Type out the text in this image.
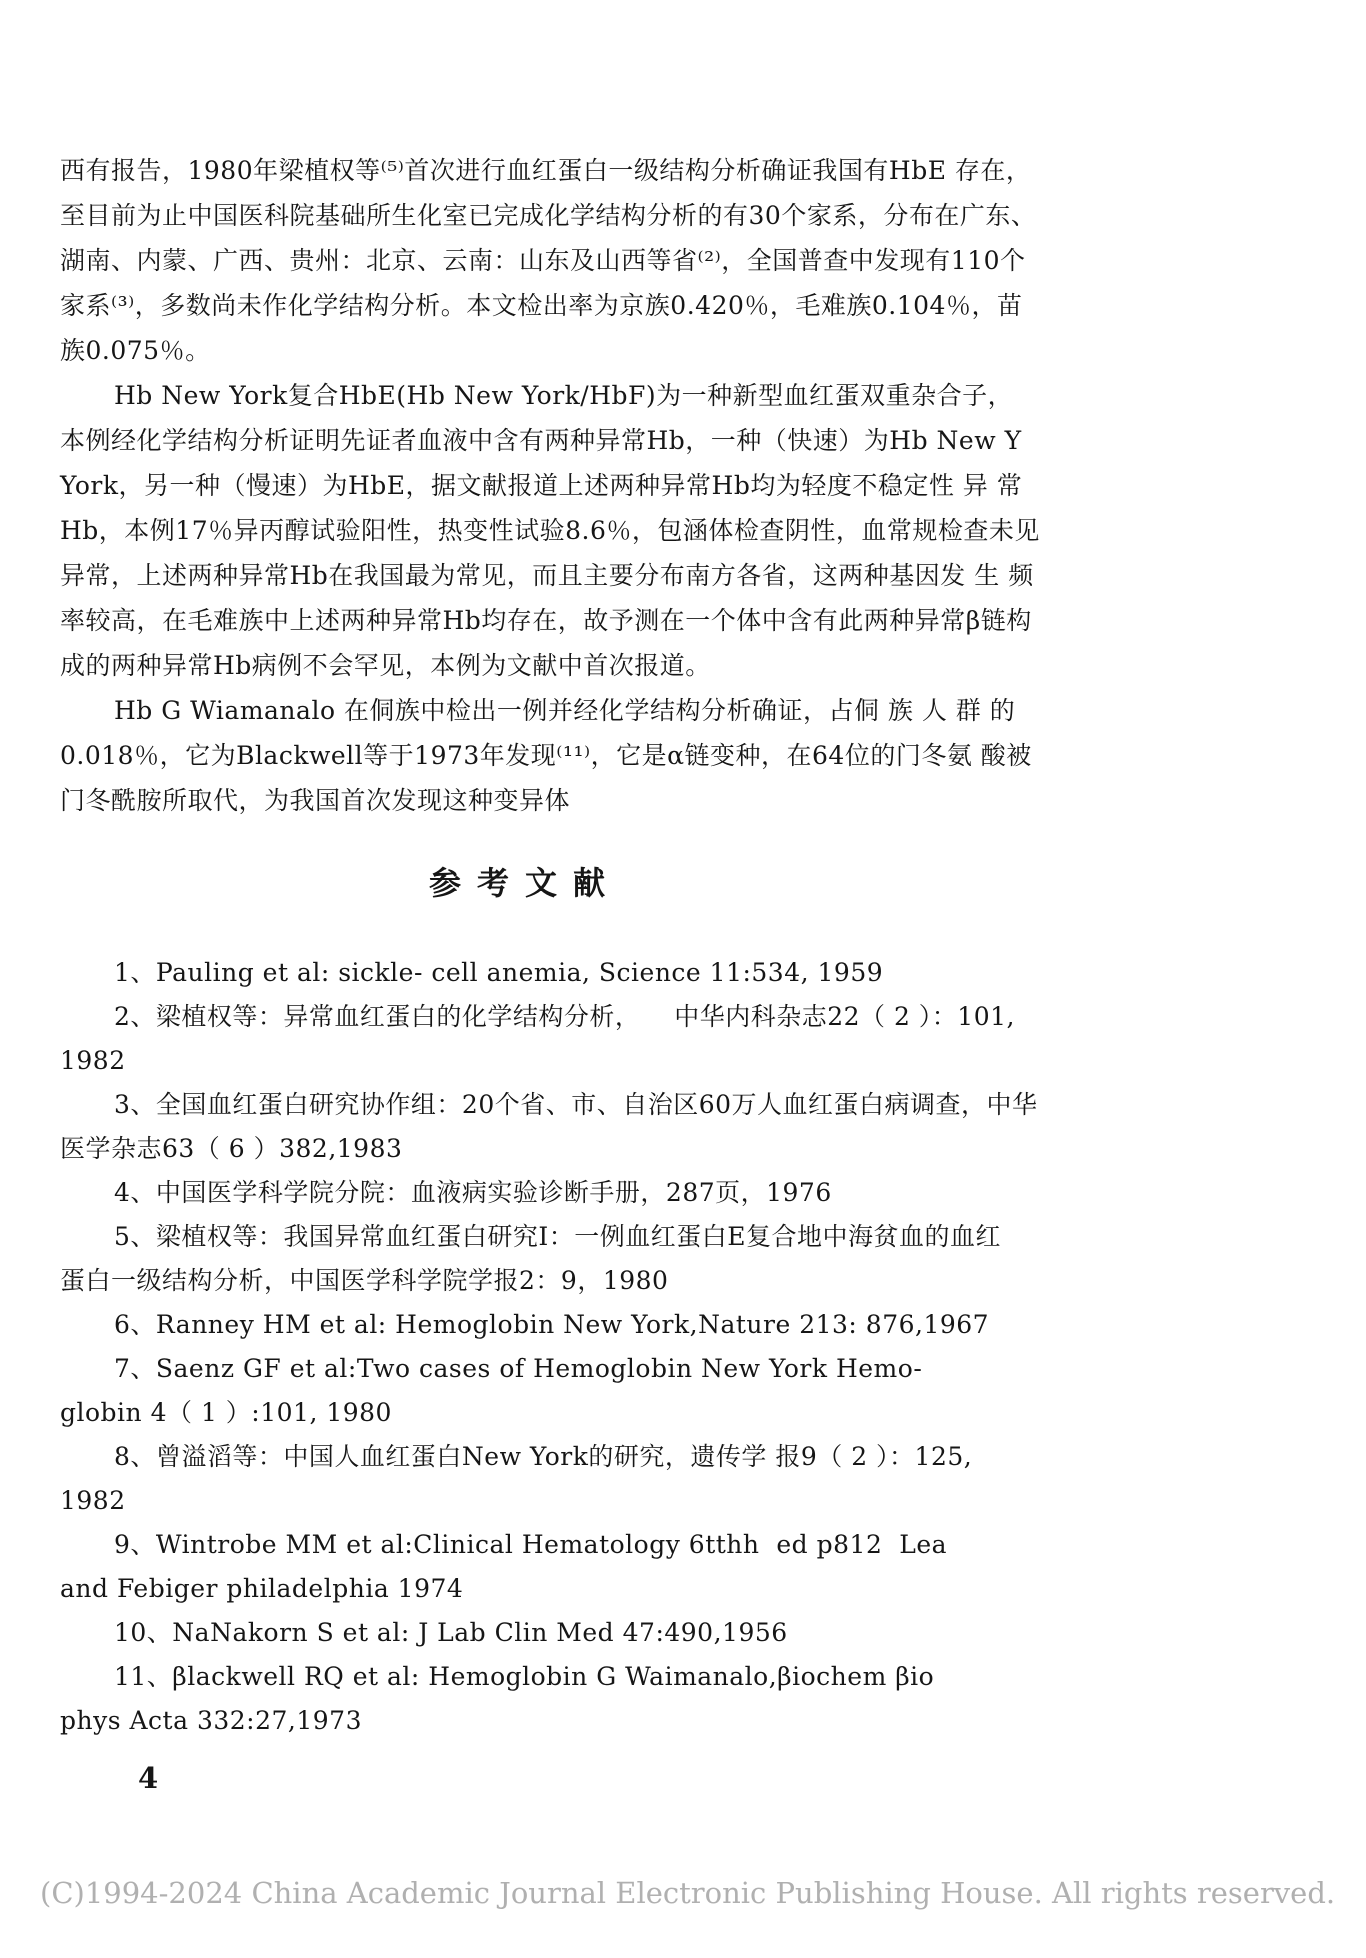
西有报告，1980年梁植权等⁽⁵⁾首次进行血红蛋白一级结构分析确证我国有HbE 存在，
至目前为止中国医科院基础所生化室已完成化学结构分析的有30个家系，分布在广东、
湖南、内蒙、广西、贵州：北京、云南：山东及山西等省⁽²⁾，全国普查中发现有110个
家系⁽³⁾，多数尚未作化学结构分析。本文检出率为京族0.420％，毛难族0.104％，苗
族0.075％。
Hb New York复合HbE(Hb New York/HbF)为一种新型血红蛋双重杂合子，
本例经化学结构分析证明先证者血液中含有两种异常Hb，一种（快速）为Hb New Y
York，另一种（慢速）为HbE，据文献报道上述两种异常Hb均为轻度不稳定性 异 常
Hb，本例17％异丙醇试验阳性，热变性试验8.6％，包涵体检查阴性，血常规检查未见
异常，上述两种异常Hb在我国最为常见，而且主要分布南方各省，这两种基因发 生 频
率较高，在毛难族中上述两种异常Hb均存在，故予测在一个体中含有此两种异常β链构
成的两种异常Hb病例不会罕见，本例为文献中首次报道。
Hb G Wiamanalo 在侗族中检出一例并经化学结构分析确证，占侗 族 人 群 的
0.018％，它为Blackwell等于1973年发现⁽¹¹⁾，它是α链变种，在64位的门冬氨 酸被
门冬酰胺所取代，为我国首次发现这种变异体
参考文献
1、Pauling et al: sickle- cell anemia, Science 11:534, 1959
2、梁植权等：异常血红蛋白的化学结构分析，    中华内科杂志22（ 2 ）：101,
1982
3、全国血红蛋白研究协作组：20个省、市、自治区60万人血红蛋白病调查，中华
医学杂志63（ 6 ）382,1983
4、中国医学科学院分院：血液病实验诊断手册，287页，1976
5、梁植权等：我国异常血红蛋白研究Ⅰ：一例血红蛋白E复合地中海贫血的血红
蛋白一级结构分析，中国医学科学院学报2：9，1980
6、Ranney HM et al: Hemoglobin New York,Nature 213: 876,1967
7、Saenz GF et al:Two cases of Hemoglobin New York Hemo-
globin 4（ 1 ）:101, 1980
8、曾溢滔等：中国人血红蛋白New York的研究，遗传学 报9（ 2 ）：125,
1982
9、Wintrobe MM et al:Clinical Hematology 6tthh  ed p812  Lea
and Febiger philadelphia 1974
10、NaNakorn S et al: J Lab Clin Med 47:490,1956
11、βlackwell RQ et al: Hemoglobin G Waimanalo,βiochem βio
phys Acta 332:27,1973
4
(C)1994-2024 China Academic Journal Electronic Publishing House. All rights reserved.
